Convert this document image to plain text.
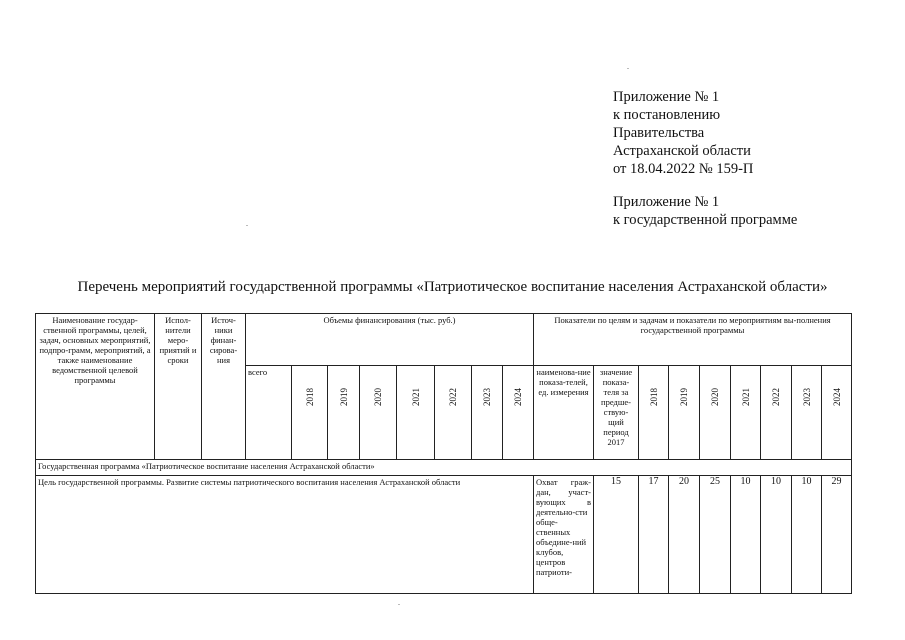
Приложение № 1
к постановлению
Правительства
Астраханской области
от 18.04.2022 № 159-П
Приложение № 1
к государственной программе
Перечень мероприятий государственной программы «Патриотическое воспитание населения Астраханской области»
Наименование государ-ственной программы, целей, задач, основных мероприятий, подпро-грамм, мероприятий, а также наименование ведомственной целевой программы	Испол-нители меро-приятий и сроки	Источ-ники финан-сирова-ния	Объемы финансирования (тыс. руб.)								Показатели по целям и задачам и показатели по мероприятиям вы-полнения государственной программы								
			всего	2018	2019	2020	2021	2022	2023	2024	наименова-ние показа-телей, ед. измерения	значение показа-теля за предше-ствую-щий период 2017	2018	2019	2020	2021	2022	2023	2024

Государственная программа «Патриотическое воспитание населения Астраханской области»																			
Цель государственной программы. Развитие системы патриотического воспитания населения Астраханской области											Охват граж-дан, участ-вующих в деятельно-сти обще-ственных объедине-ний клубов, центров патриоти-	15	17	20	25	10	10	10	29
